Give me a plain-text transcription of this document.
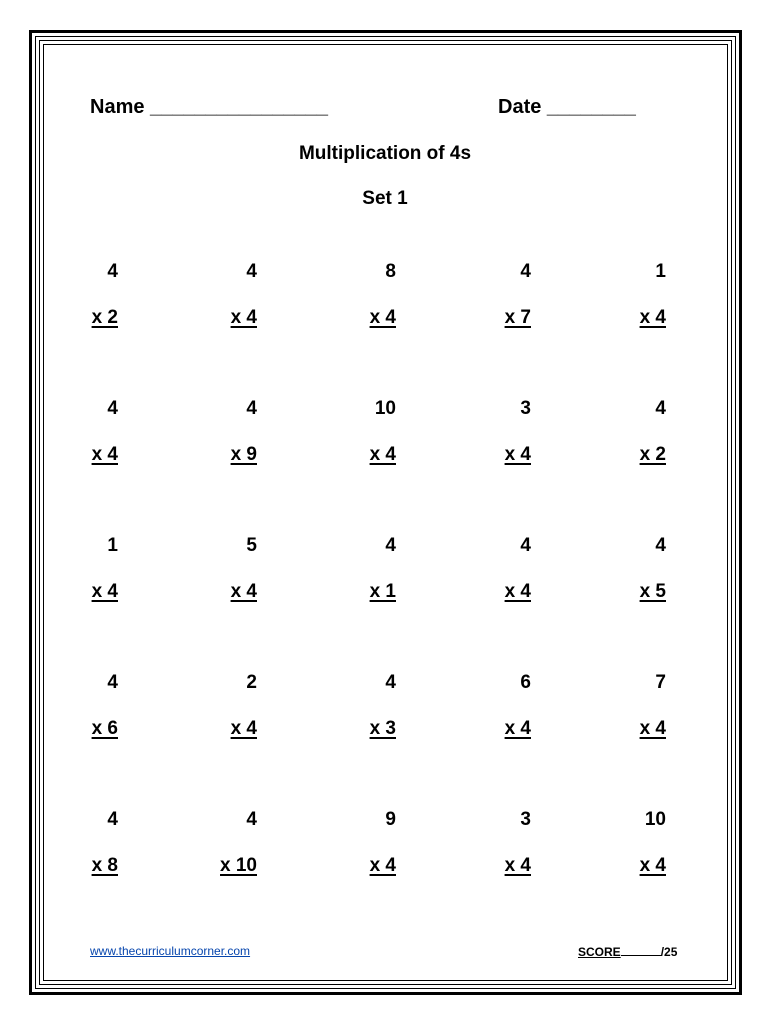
Name ________________	Date ________
Multiplication of 4s
Set 1
4
x 2
4
x 4
8
x 4
4
x 7
1
x 4
4
x 4
4
x 9
10
x 4
3
x 4
4
x 2
1
x 4
5
x 4
4
x 1
4
x 4
4
x 5
4
x 6
2
x 4
4
x 3
6
x 4
7
x 4
4
x 8
4
x 10
9
x 4
3
x 4
10
x 4
www.thecurriculumcorner.com	SCORE	/25
